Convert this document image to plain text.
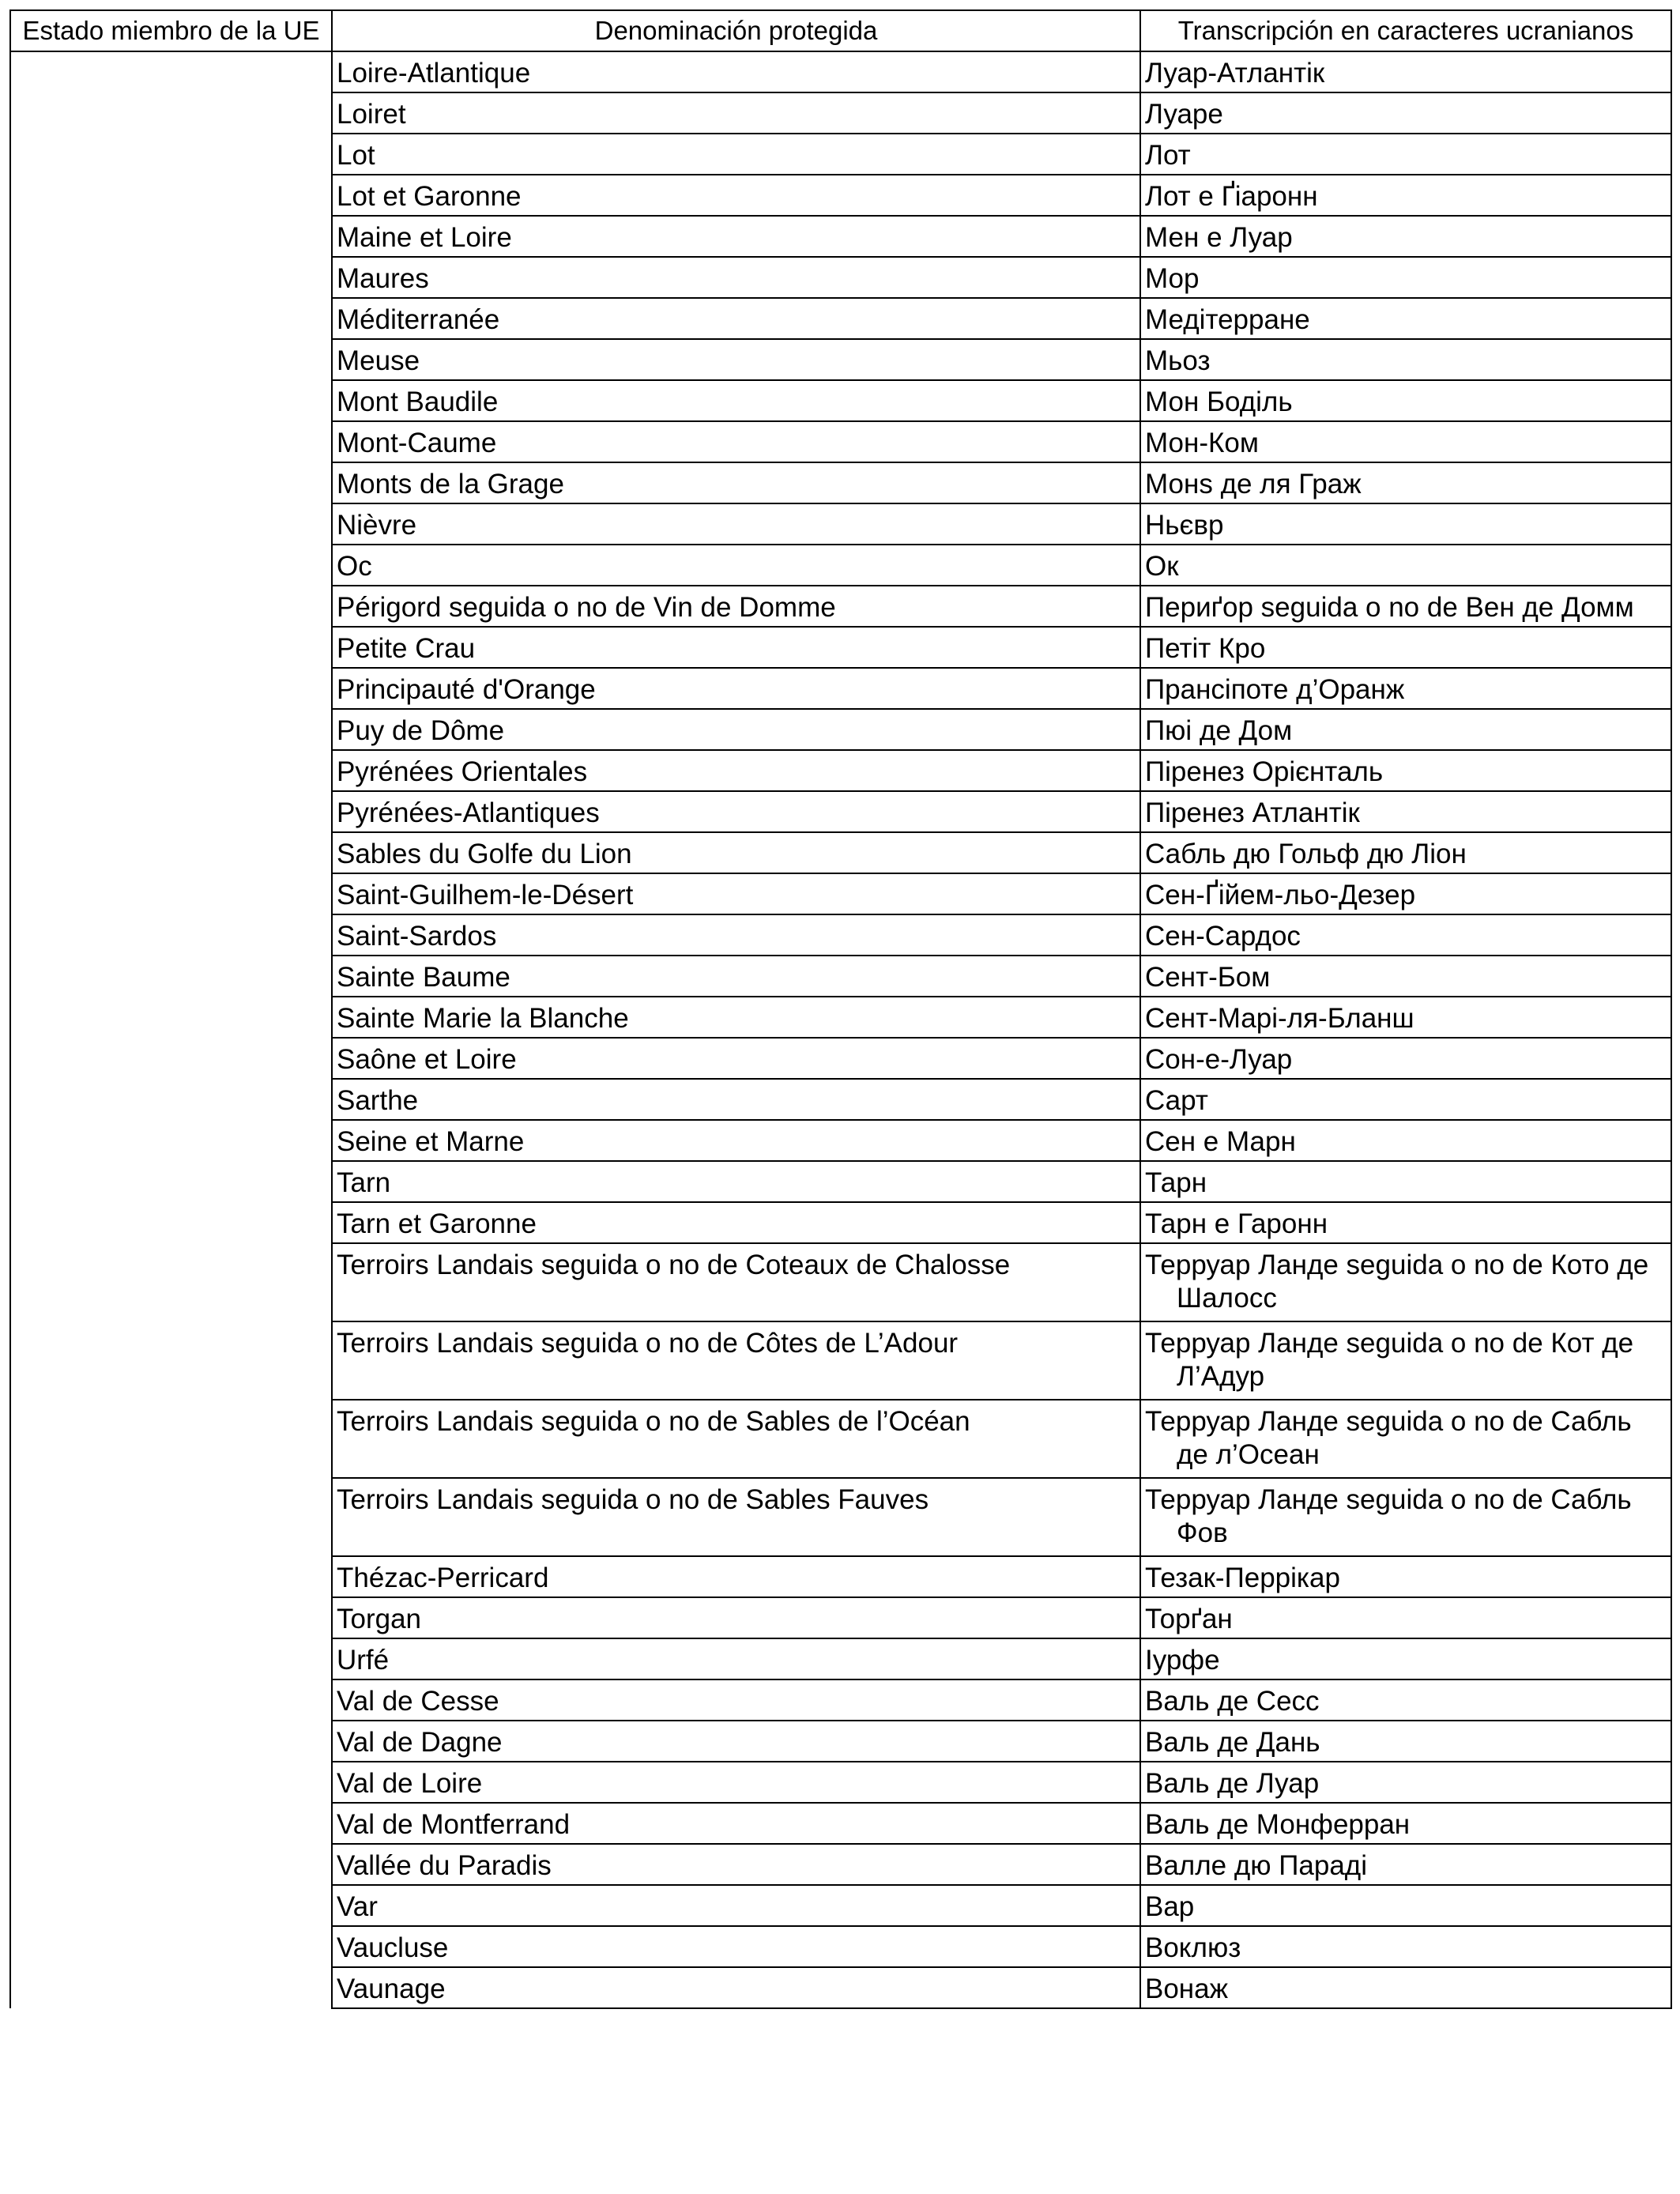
Estado miembro de la UE	Denominación protegida	Transcripción en caracteres ucranianos
	Loire-Atlantique	Луар-Атлантік

	Loiret	Луаре

	Lot	Лот

	Lot et Garonne	Лот е Ґіаронн

	Maine et Loire	Мен е Луар

	Maures	Мор

	Méditerranée	Медітерране

	Meuse	Мьоз

	Mont Baudile	Мон Боділь

	Mont-Caume	Мон-Ком

	Monts de la Grage	Монs де ля Граж

	Nièvre	Ньєвр

	Oc	Ок

	Périgord seguida o no de Vin de Domme	Периґор seguida o no de Вен де Домм

	Petite Crau	Петіт Кро

	Principauté d'Orange	Прансіпоте д’Оранж

	Puy de Dôme	Пюі де Дом

	Pyrénées Orientales	Піренез Орієнталь

	Pyrénées-Atlantiques	Піренез Атлантік

	Sables du Golfe du Lion	Сабль дю Гольф дю Ліон

	Saint-Guilhem-le-Désert	Сен-Ґійем-льо-Дезер

	Saint-Sardos	Сен-Сардос

	Sainte Baume	Сент-Бом

	Sainte Marie la Blanche	Сент-Марі-ля-Бланш

	Saône et Loire	Сон-е-Луар

	Sarthe	Сарт

	Seine et Marne	Сен е Марн

	Tarn	Тарн

	Tarn et Garonne	Тарн е Гаронн

	Terroirs Landais seguida o no de Coteaux de Chalosse	Терруар Ланде seguida o no de Кото де Шалосс

	Terroirs Landais seguida o no de Côtes de L’Adour	Терруар Ланде seguida o no de Кот де Л’Адур

	Terroirs Landais seguida o no de Sables de l’Océan	Терруар Ланде seguida o no de Сабль де л’Осеан

	Terroirs Landais seguida o no de Sables Fauves	Терруар Ланде seguida o no de Сабль Фов

	Thézac-Perricard	Тезак-Перрікар

	Torgan	Торґан

	Urfé	Іурфе

	Val de Cesse	Валь де Сесс

	Val de Dagne	Валь де Дань

	Val de Loire	Валь де Луар

	Val de Montferrand	Валь де Монферран

	Vallée du Paradis	Валле дю Параді

	Var	Вар

	Vaucluse	Воклюз

	Vaunage	Вонаж
